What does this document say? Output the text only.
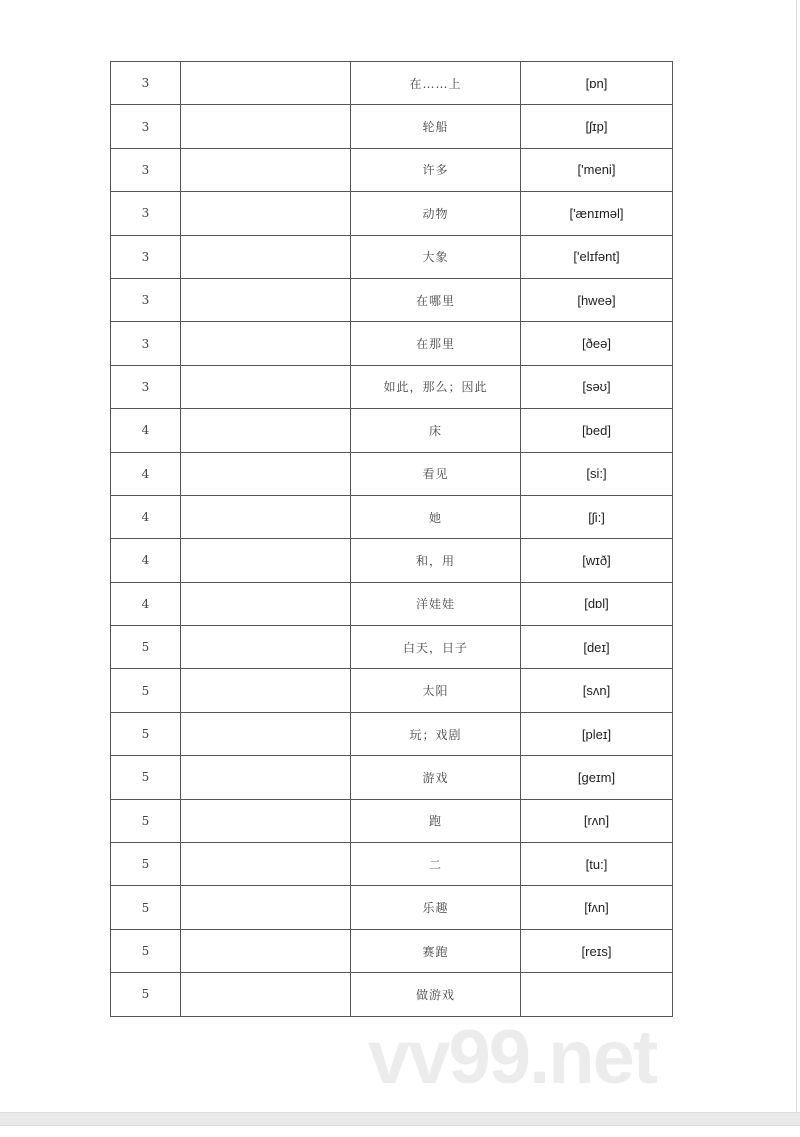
3		在……上	[ɒn]
3		轮船	[ʃɪp]
3		许多	['meni]
3		动物	['ænɪməl]
3		大象	['elɪfənt]
3		在哪里	[hweə]
3		在那里	[ðeə]
3		如此，那么；因此	[səʊ]
4		床	[bed]
4		看见	[si:]
4		她	[ʃi:]
4		和，用	[wɪð]
4		洋娃娃	[dɒl]
5		白天，日子	[deɪ]
5		太阳	[sʌn]
5		玩；戏剧	[pleɪ]
5		游戏	[geɪm]
5		跑	[rʌn]
5		二	[tu:]
5		乐趣	[fʌn]
5		赛跑	[reɪs]
5		做游戏	
vv99.net
